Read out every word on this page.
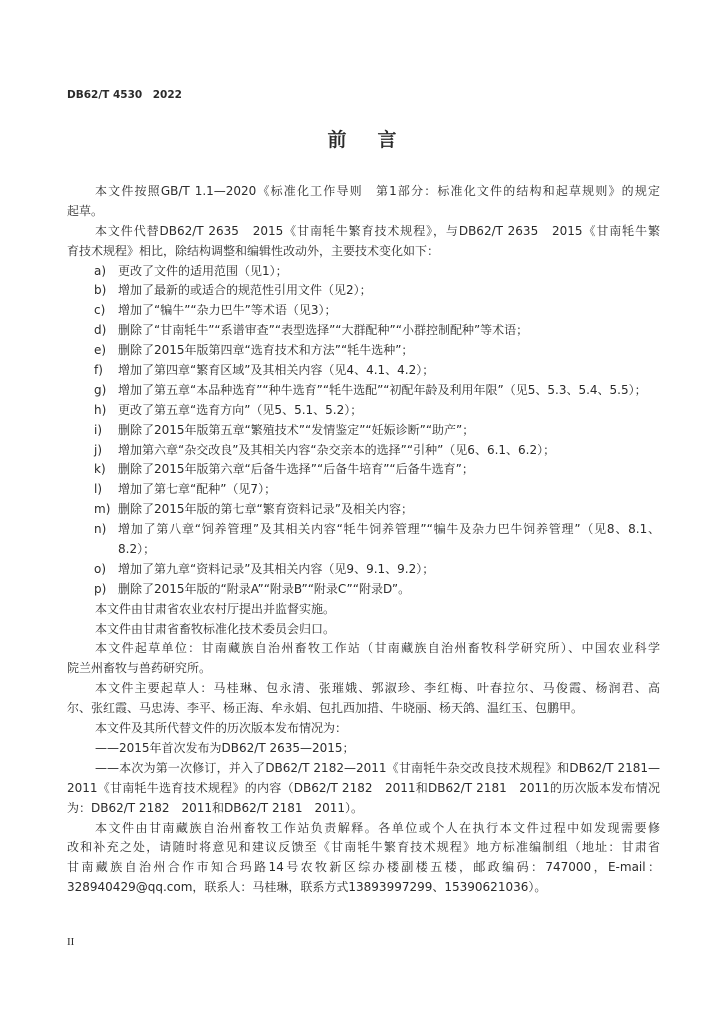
DB62/T 4530　2022
前　言
本文件按照GB/T 1.1—2020《标准化工作导则　第1部分：标准化文件的结构和起草规则》的规定
起草。
本文件代替DB62/T 2635　2015《甘南牦牛繁育技术规程》，与DB62/T 2635　2015《甘南牦牛繁
育技术规程》相比，除结构调整和编辑性改动外，主要技术变化如下：
a) 更改了文件的适用范围（见1）；
b) 增加了最新的或适合的规范性引用文件（见2）；
c) 增加了“犏牛”“杂力巴牛”等术语（见3）；
d) 删除了“甘南牦牛”“系谱审查”“表型选择”“大群配种”“小群控制配种”等术语；
e) 删除了2015年版第四章“选育技术和方法”“牦牛选种”；
f) 增加了第四章“繁育区域”及其相关内容（见4、4.1、4.2）；
g) 增加了第五章“本品种选育”“种牛选育”“牦牛选配”“初配年龄及利用年限”（见5、5.3、5.4、5.5）；
h) 更改了第五章“选育方向”（见5、5.1、5.2）；
i) 删除了2015年版第五章“繁殖技术”“发情鉴定”“妊娠诊断”“助产”；
j) 增加第六章“杂交改良”及其相关内容“杂交亲本的选择”“引种”（见6、6.1、6.2）；
k) 删除了2015年版第六章“后备牛选择”“后备牛培育”“后备牛选育”；
l) 增加了第七章“配种”（见7）；
m) 删除了2015年版的第七章“繁育资料记录”及相关内容；
n) 增加了第八章“饲养管理”及其相关内容“牦牛饲养管理”“犏牛及杂力巴牛饲养管理”（见8、8.1、
8.2）；
o) 增加了第九章“资料记录”及其相关内容（见9、9.1、9.2）；
p) 删除了2015年版的“附录A”“附录B”“附录C”“附录D”。
本文件由甘肃省农业农村厅提出并监督实施。
本文件由甘肃省畜牧标准化技术委员会归口。
本文件起草单位：甘南藏族自治州畜牧工作站（甘南藏族自治州畜牧科学研究所）、中国农业科学
院兰州畜牧与兽药研究所。
本文件主要起草人：马桂琳、包永清、张璀娥、郭淑珍、李红梅、叶春拉尔、马俊霞、杨润君、高
尔、张红霞、马忠涛、李平、杨正海、牟永娟、包扎西加措、牛晓丽、杨天鸽、温红玉、包鹏甲。
本文件及其所代替文件的历次版本发布情况为：
——2015年首次发布为DB62/T 2635—2015；
——本次为第一次修订，并入了DB62/T 2182—2011《甘南牦牛杂交改良技术规程》和DB62/T 2181—
2011《甘南牦牛选育技术规程》的内容（DB62/T 2182　2011和DB62/T 2181　2011的历次版本发布情况
为：DB62/T 2182　2011和DB62/T 2181　2011）。
本文件由甘南藏族自治州畜牧工作站负责解释。各单位或个人在执行本文件过程中如发现需要修
改和补充之处，请随时将意见和建议反馈至《甘南牦牛繁育技术规程》地方标准编制组（地址：甘肃省
甘南藏族自治州合作市知合玛路14号农牧新区综办楼副楼五楼，邮政编码：747000，E-mail：
328940429@qq.com，联系人：马桂琳，联系方式13893997299、15390621036）。
II
